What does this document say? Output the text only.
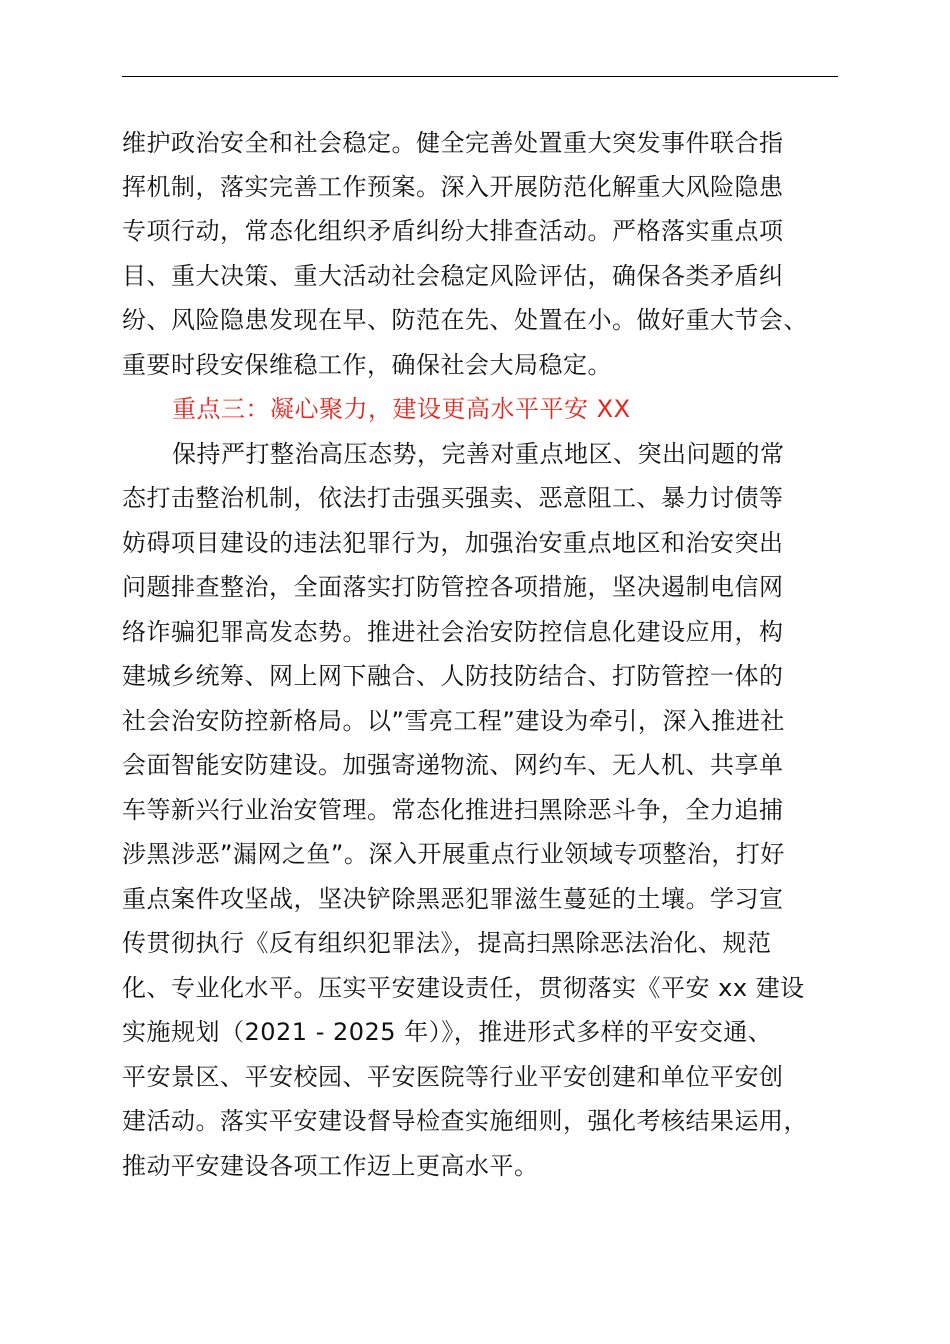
维护政治安全和社会稳定。健全完善处置重大突发事件联合指
挥机制，落实完善工作预案。深入开展防范化解重大风险隐患
专项行动，常态化组织矛盾纠纷大排查活动。严格落实重点项
目、重大决策、重大活动社会稳定风险评估，确保各类矛盾纠
纷、风险隐患发现在早、防范在先、处置在小。做好重大节会、
重要时段安保维稳工作，确保社会大局稳定。
重点三：凝心聚力，建设更高水平平安 XX
保持严打整治高压态势，完善对重点地区、突出问题的常
态打击整治机制，依法打击强买强卖、恶意阻工、暴力讨债等
妨碍项目建设的违法犯罪行为，加强治安重点地区和治安突出
问题排查整治，全面落实打防管控各项措施，坚决遏制电信网
络诈骗犯罪高发态势。推进社会治安防控信息化建设应用，构
建城乡统筹、网上网下融合、人防技防结合、打防管控一体的
社会治安防控新格局。以”雪亮工程”建设为牵引，深入推进社
会面智能安防建设。加强寄递物流、网约车、无人机、共享单
车等新兴行业治安管理。常态化推进扫黑除恶斗争，全力追捕
涉黑涉恶”漏网之鱼”。深入开展重点行业领域专项整治，打好
重点案件攻坚战，坚决铲除黑恶犯罪滋生蔓延的土壤。学习宣
传贯彻执行《反有组织犯罪法》，提高扫黑除恶法治化、规范
化、专业化水平。压实平安建设责任，贯彻落实《平安 xx 建设
实施规划（2021 - 2025 年）》，推进形式多样的平安交通、
平安景区、平安校园、平安医院等行业平安创建和单位平安创
建活动。落实平安建设督导检查实施细则，强化考核结果运用，
推动平安建设各项工作迈上更高水平。
